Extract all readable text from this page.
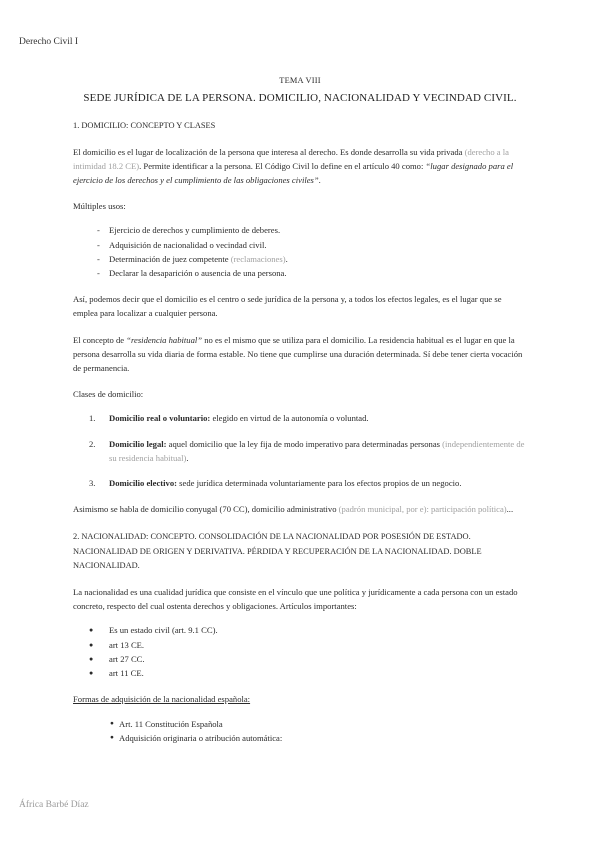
Derecho Civil I

TEMA VIII

SEDE JURÍDICA DE LA PERSONA. DOMICILIO, NACIONALIDAD Y VECINDAD CIVIL.

1. DOMICILIO: CONCEPTO Y CLASES

El domicilio es el lugar de localización de la persona que interesa al derecho. Es donde desarrolla su vida privada (derecho a la intimidad 18.2 CE). Permite identificar a la persona. El Código Civil lo define en el artículo 40 como: “lugar designado para el ejercicio de los derechos y el cumplimiento de las obligaciones civiles”.

Múltiples usos:

- Ejercicio de derechos y cumplimiento de deberes.
- Adquisición de nacionalidad o vecindad civil.
- Determinación de juez competente (reclamaciones).
- Declarar la desaparición o ausencia de una persona.

Así, podemos decir que el domicilio es el centro o sede jurídica de la persona y, a todos los efectos legales, es el lugar que se emplea para localizar a cualquier persona.

El concepto de “residencia habitual” no es el mismo que se utiliza para el domicilio. La residencia habitual es el lugar en que la persona desarrolla su vida diaria de forma estable. No tiene que cumplirse una duración determinada. Sí debe tener cierta vocación de permanencia.

Clases de domicilio:

1. Domicilio real o voluntario: elegido en virtud de la autonomía o voluntad.
2. Domicilio legal: aquel domicilio que la ley fija de modo imperativo para determinadas personas (independientemente de su residencia habitual).
3. Domicilio electivo: sede jurídica determinada voluntariamente para los efectos propios de un negocio.

Asimismo se habla de domicilio conyugal (70 CC), domicilio administrativo (padrón municipal, por e): participación política)...

2. NACIONALIDAD: CONCEPTO. CONSOLIDACIÓN DE LA NACIONALIDAD POR POSESIÓN DE ESTADO. NACIONALIDAD DE ORIGEN Y DERIVATIVA. PÉRDIDA Y RECUPERACIÓN DE LA NACIONALIDAD. DOBLE NACIONALIDAD.

La nacionalidad es una cualidad jurídica que consiste en el vínculo que une política y jurídicamente a cada persona con un estado concreto, respecto del cual ostenta derechos y obligaciones. Artículos importantes:

● Es un estado civil (art. 9.1 CC).
● art 13 CE.
● art 27 CC.
● art 11 CE.

Formas de adquisición de la nacionalidad española:

● Art. 11 Constitución Española
● Adquisición originaria o atribución automática:
África Barbé Díaz
